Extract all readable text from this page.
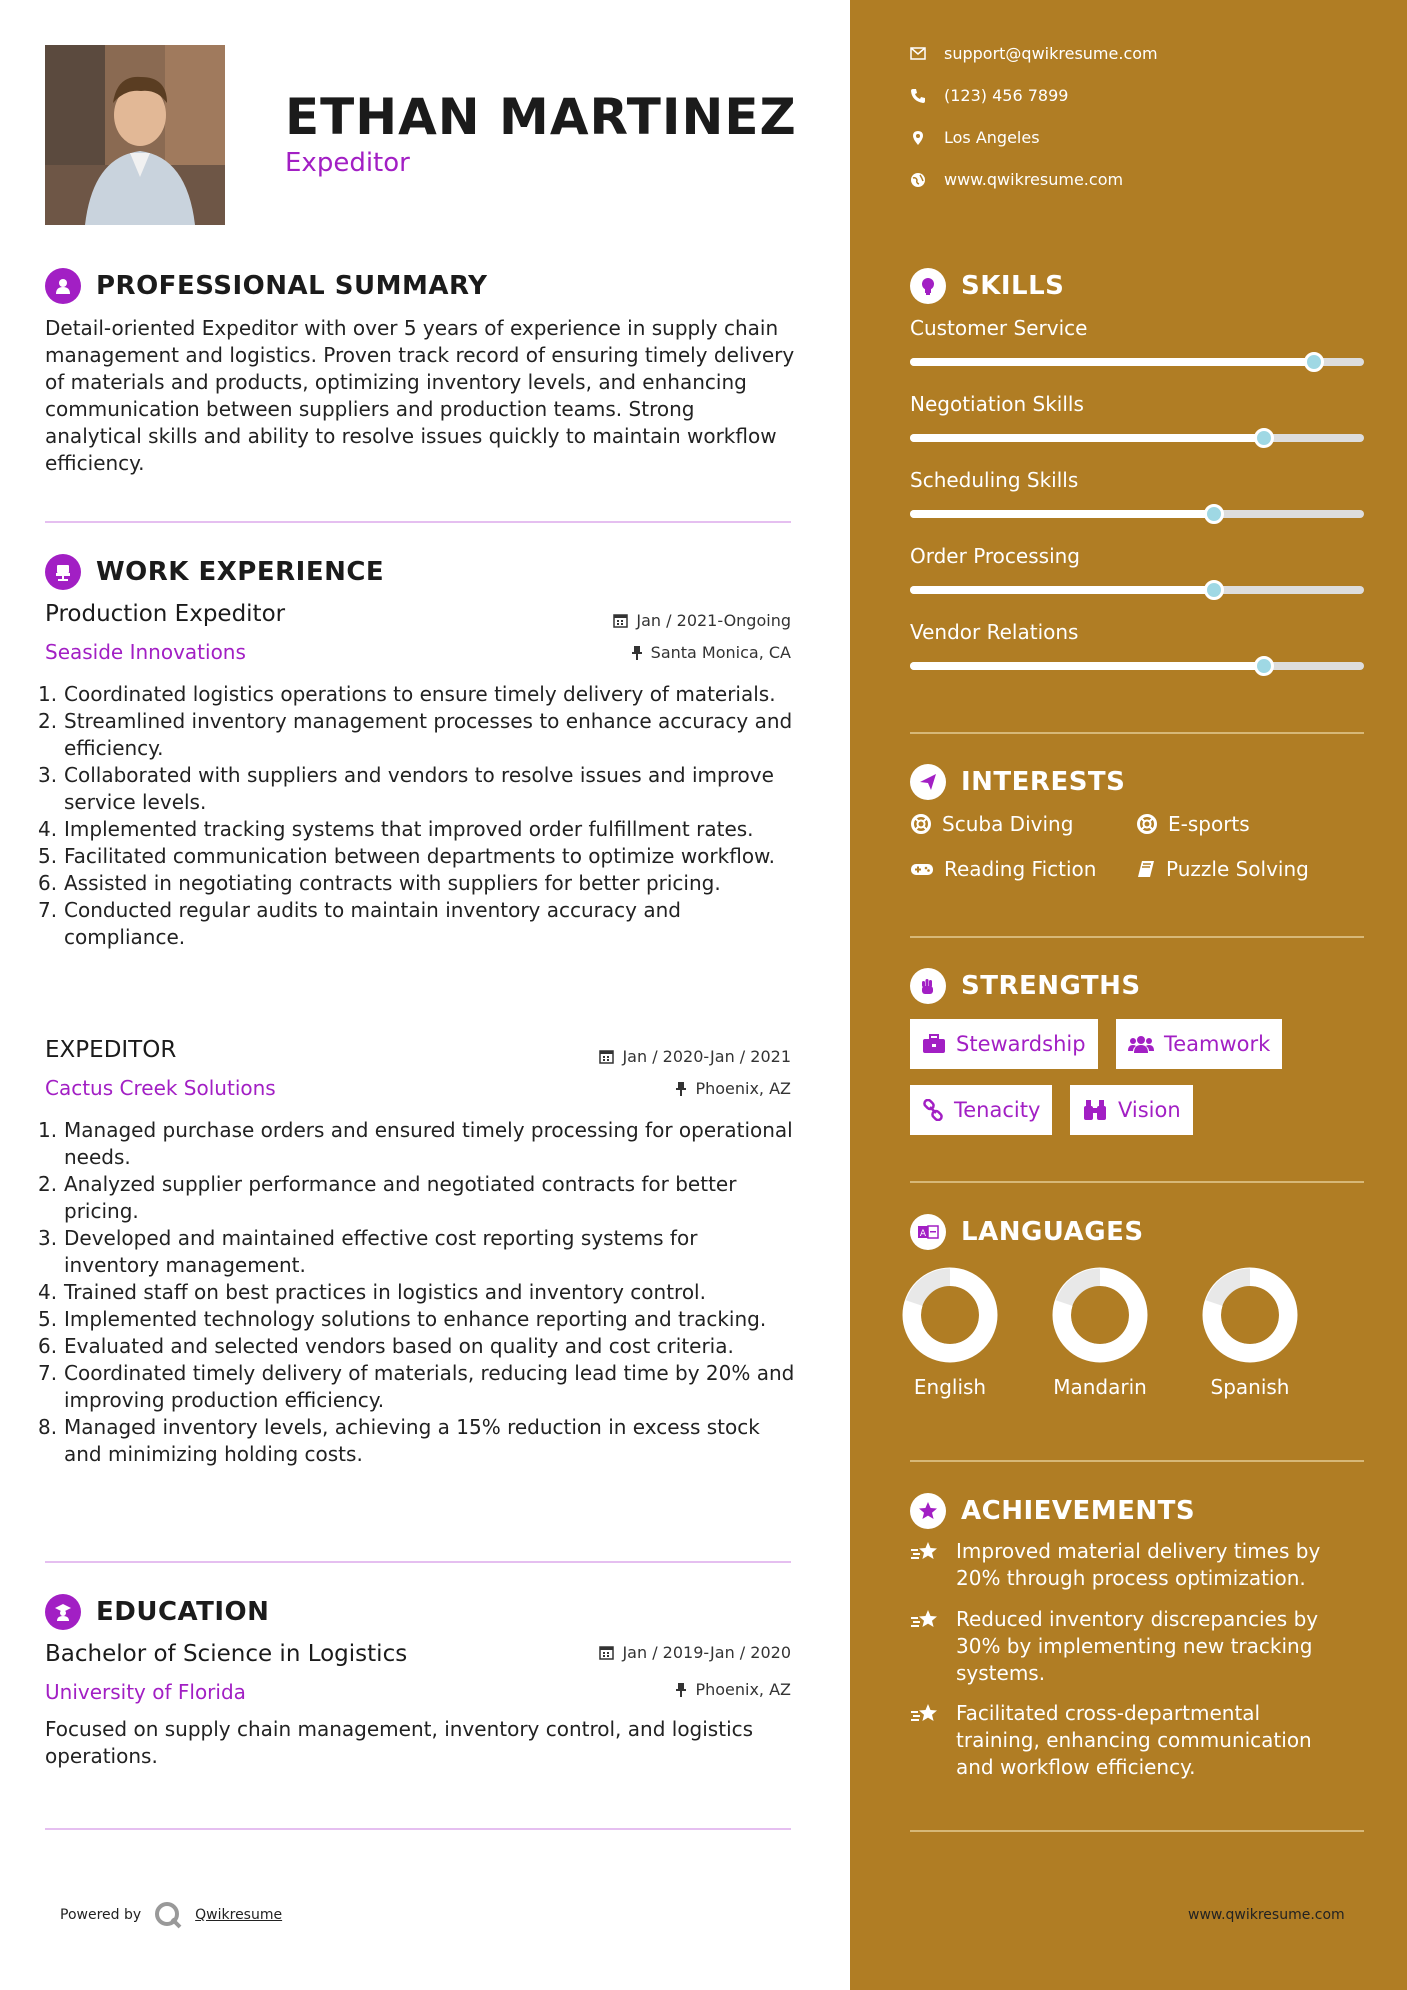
ETHAN MARTINEZ
Expeditor
PROFESSIONAL SUMMARY
Detail-oriented Expeditor with over 5 years of experience in supply chain management and logistics. Proven track record of ensuring timely delivery of materials and products, optimizing inventory levels, and enhancing communication between suppliers and production teams. Strong analytical skills and ability to resolve issues quickly to maintain workflow efficiency.
WORK EXPERIENCE
Production Expeditor	Jan / 2021-Ongoing
Seaside Innovations	Santa Monica, CA
1. Coordinated logistics operations to ensure timely delivery of materials.
2. Streamlined inventory management processes to enhance accuracy and efficiency.
3. Collaborated with suppliers and vendors to resolve issues and improve service levels.
4. Implemented tracking systems that improved order fulfillment rates.
5. Facilitated communication between departments to optimize workflow.
6. Assisted in negotiating contracts with suppliers for better pricing.
7. Conducted regular audits to maintain inventory accuracy and compliance.
EXPEDITOR	Jan / 2020-Jan / 2021
Cactus Creek Solutions	Phoenix, AZ
1. Managed purchase orders and ensured timely processing for operational needs.
2. Analyzed supplier performance and negotiated contracts for better pricing.
3. Developed and maintained effective cost reporting systems for inventory management.
4. Trained staff on best practices in logistics and inventory control.
5. Implemented technology solutions to enhance reporting and tracking.
6. Evaluated and selected vendors based on quality and cost criteria.
7. Coordinated timely delivery of materials, reducing lead time by 20% and improving production efficiency.
8. Managed inventory levels, achieving a 15% reduction in excess stock and minimizing holding costs.
EDUCATION
Bachelor of Science in Logistics	Jan / 2019-Jan / 2020
University of Florida	Phoenix, AZ
Focused on supply chain management, inventory control, and logistics operations.
Powered by	Qwikresume
support@qwikresume.com
(123) 456 7899
Los Angeles
www.qwikresume.com
SKILLS
Customer Service
Negotiation Skills
Scheduling Skills
Order Processing
Vendor Relations
INTERESTS
Scuba Diving	E-sports
Reading Fiction	Puzzle Solving
STRENGTHS
Stewardship	Teamwork
Tenacity	Vision
A LANGUAGES
English	Mandarin	Spanish
ACHIEVEMENTS
Improved material delivery times by 20% through process optimization.
Reduced inventory discrepancies by 30% by implementing new tracking systems.
Facilitated cross-departmental training, enhancing communication and workflow efficiency.
www.qwikresume.com
